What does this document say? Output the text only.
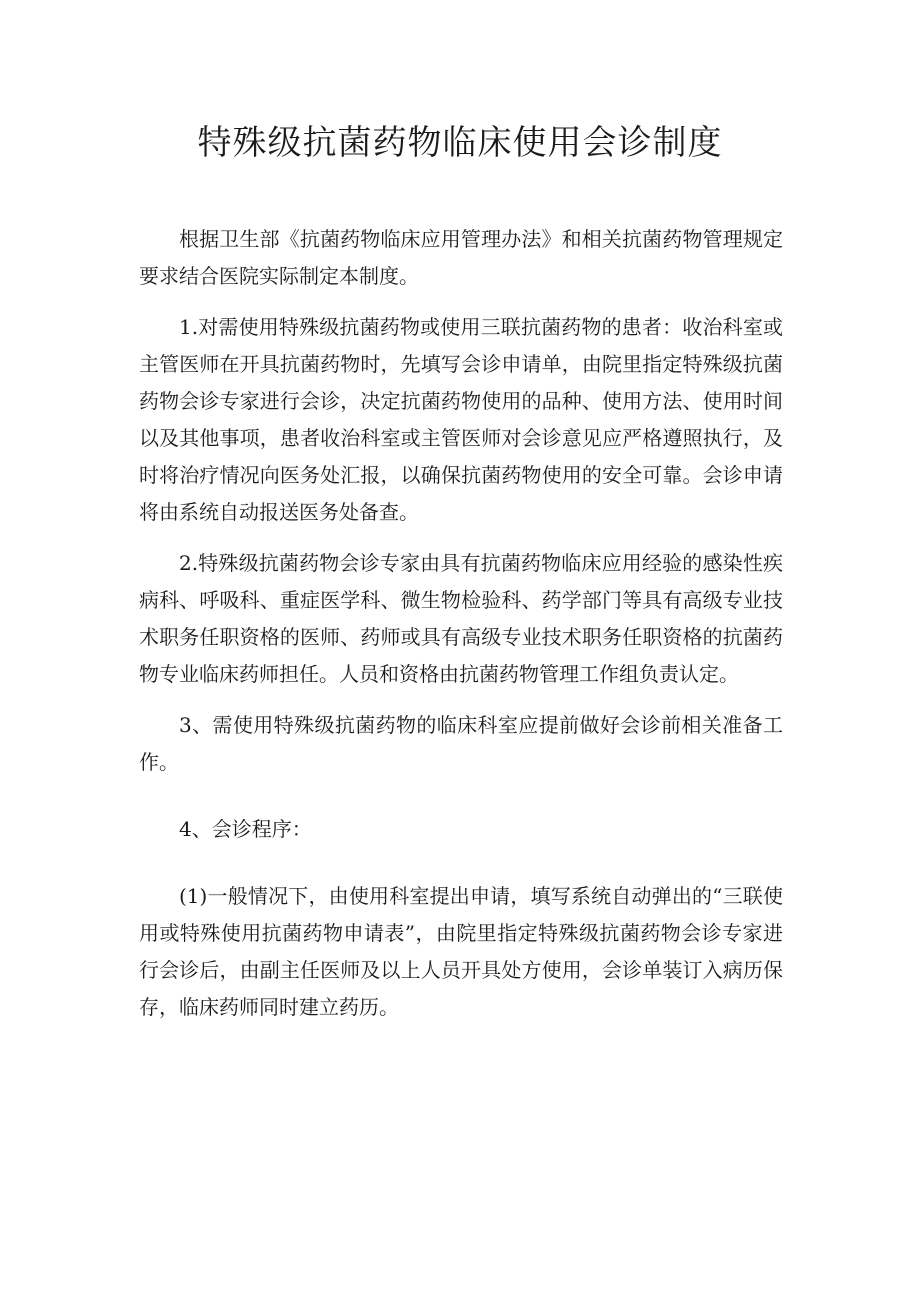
特殊级抗菌药物临床使用会诊制度

根据卫生部《抗菌药物临床应用管理办法》和相关抗菌药物管理规定要求结合医院实际制定本制度。

1.对需使用特殊级抗菌药物或使用三联抗菌药物的患者：收治科室或主管医师在开具抗菌药物时，先填写会诊申请单，由院里指定特殊级抗菌药物会诊专家进行会诊，决定抗菌药物使用的品种、使用方法、使用时间以及其他事项，患者收治科室或主管医师对会诊意见应严格遵照执行，及时将治疗情况向医务处汇报，以确保抗菌药物使用的安全可靠。会诊申请将由系统自动报送医务处备查。

2.特殊级抗菌药物会诊专家由具有抗菌药物临床应用经验的感染性疾病科、呼吸科、重症医学科、微生物检验科、药学部门等具有高级专业技术职务任职资格的医师、药师或具有高级专业技术职务任职资格的抗菌药物专业临床药师担任。人员和资格由抗菌药物管理工作组负责认定。

3、需使用特殊级抗菌药物的临床科室应提前做好会诊前相关准备工作。

4、会诊程序：

(1)一般情况下，由使用科室提出申请，填写系统自动弹出的“三联使用或特殊使用抗菌药物申请表”，由院里指定特殊级抗菌药物会诊专家进行会诊后，由副主任医师及以上人员开具处方使用，会诊单装订入病历保存，临床药师同时建立药历。
